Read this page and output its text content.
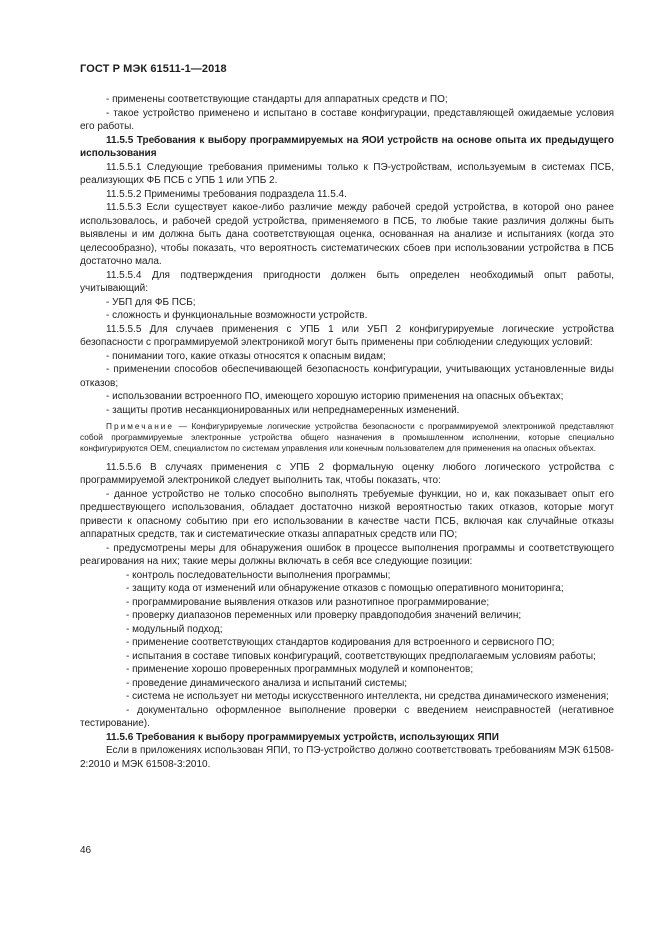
ГОСТ Р МЭК 61511-1—2018

- применены соответствующие стандарты для аппаратных средств и ПО;

- такое устройство применено и испытано в составе конфигурации, представляющей ожидаемые условия его работы.

11.5.5 Требования к выбору программируемых на ЯОИ устройств на основе опыта их предыдущего использования

11.5.5.1 Следующие требования применимы только к ПЭ-устройствам, используемым в системах ПСБ, реализующих ФБ ПСБ с УПБ 1 или УПБ 2.

11.5.5.2 Применимы требования подраздела 11.5.4.

11.5.5.3 Если существует какое-либо различие между рабочей средой устройства, в которой оно ранее использовалось, и рабочей средой устройства, применяемого в ПСБ, то любые такие различия должны быть выявлены и им должна быть дана соответствующая оценка, основанная на анализе и испытаниях (когда это целесообразно), чтобы показать, что вероятность систематических сбоев при использовании устройства в ПСБ достаточно мала.

11.5.5.4 Для подтверждения пригодности должен быть определен необходимый опыт работы, учитывающий:

- УБП для ФБ ПСБ;

- сложность и функциональные возможности устройств.

11.5.5.5 Для случаев применения с УПБ 1 или УБП 2 конфигурируемые логические устройства безопасности с программируемой электроникой могут быть применены при соблюдении следующих условий:

- понимании того, какие отказы относятся к опасным видам;

- применении способов обеспечивающей безопасность конфигурации, учитывающих установленные виды отказов;

- использовании встроенного ПО, имеющего хорошую историю применения на опасных объектах;

- защиты против несанкционированных или непреднамеренных изменений.

Примечание — Конфигурируемые логические устройства безопасности с программируемой электроникой представляют собой программируемые электронные устройства общего назначения в промышленном исполнении, которые специально конфигурируются OEM, специалистом по системам управления или конечным пользователем для применения на опасных объектах.

11.5.5.6 В случаях применения с УПБ 2 формальную оценку любого логического устройства с программируемой электроникой следует выполнить так, чтобы показать, что:

- данное устройство не только способно выполнять требуемые функции, но и, как показывает опыт его предшествующего использования, обладает достаточно низкой вероятностью таких отказов, которые могут привести к опасному событию при его использовании в качестве части ПСБ, включая как случайные отказы аппаратных средств, так и систематические отказы аппаратных средств или ПО;

- предусмотрены меры для обнаружения ошибок в процессе выполнения программы и соответствующего реагирования на них; такие меры должны включать в себя все следующие позиции:

- контроль последовательности выполнения программы;

- защиту кода от изменений или обнаружение отказов с помощью оперативного мониторинга;

- программирование выявления отказов или разнотипное программирование;

- проверку диапазонов переменных или проверку правдоподобия значений величин;

- модульный подход;

- применение соответствующих стандартов кодирования для встроенного и сервисного ПО;

- испытания в составе типовых конфигураций, соответствующих предполагаемым условиям работы;

- применение хорошо проверенных программных модулей и компонентов;

- проведение динамического анализа и испытаний системы;

- система не использует ни методы искусственного интеллекта, ни средства динамического изменения;

- документально оформленное выполнение проверки с введением неисправностей (негативное тестирование).

11.5.6 Требования к выбору программируемых устройств, использующих ЯПИ

Если в приложениях использован ЯПИ, то ПЭ-устройство должно соответствовать требованиям МЭК 61508-2:2010 и МЭК 61508-3:2010.

46
